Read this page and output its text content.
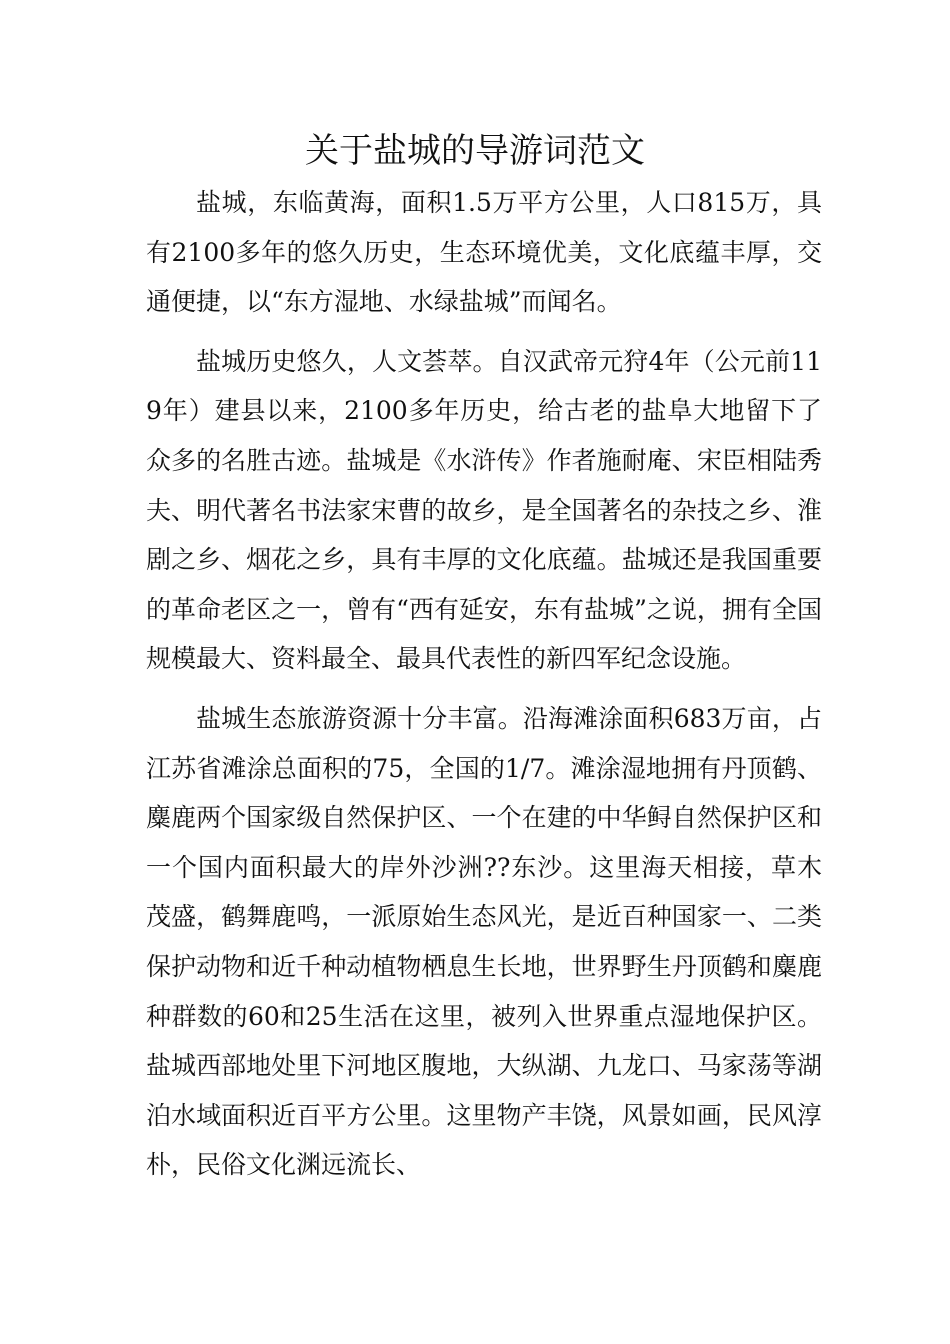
关于盐城的导游词范文

盐城，东临黄海，面积1.5万平方公里，人口815万，具有2100多年的悠久历史，生态环境优美，文化底蕴丰厚，交通便捷，以“东方湿地、水绿盐城”而闻名。

盐城历史悠久，人文荟萃。自汉武帝元狩4年（公元前119年）建县以来，2100多年历史，给古老的盐阜大地留下了众多的名胜古迹。盐城是《水浒传》作者施耐庵、宋臣相陆秀夫、明代著名书法家宋曹的故乡，是全国著名的杂技之乡、淮剧之乡、烟花之乡，具有丰厚的文化底蕴。盐城还是我国重要的革命老区之一，曾有“西有延安，东有盐城”之说，拥有全国规模最大、资料最全、最具代表性的新四军纪念设施。

盐城生态旅游资源十分丰富。沿海滩涂面积683万亩，占江苏省滩涂总面积的75，全国的1/7。滩涂湿地拥有丹顶鹤、麋鹿两个国家级自然保护区、一个在建的中华鲟自然保护区和一个国内面积最大的岸外沙洲??东沙。这里海天相接，草木茂盛，鹤舞鹿鸣，一派原始生态风光，是近百种国家一、二类保护动物和近千种动植物栖息生长地，世界野生丹顶鹤和麋鹿种群数的60和25生活在这里，被列入世界重点湿地保护区。盐城西部地处里下河地区腹地，大纵湖、九龙口、马家荡等湖泊水域面积近百平方公里。这里物产丰饶，风景如画，民风淳朴，民俗文化渊远流长、
